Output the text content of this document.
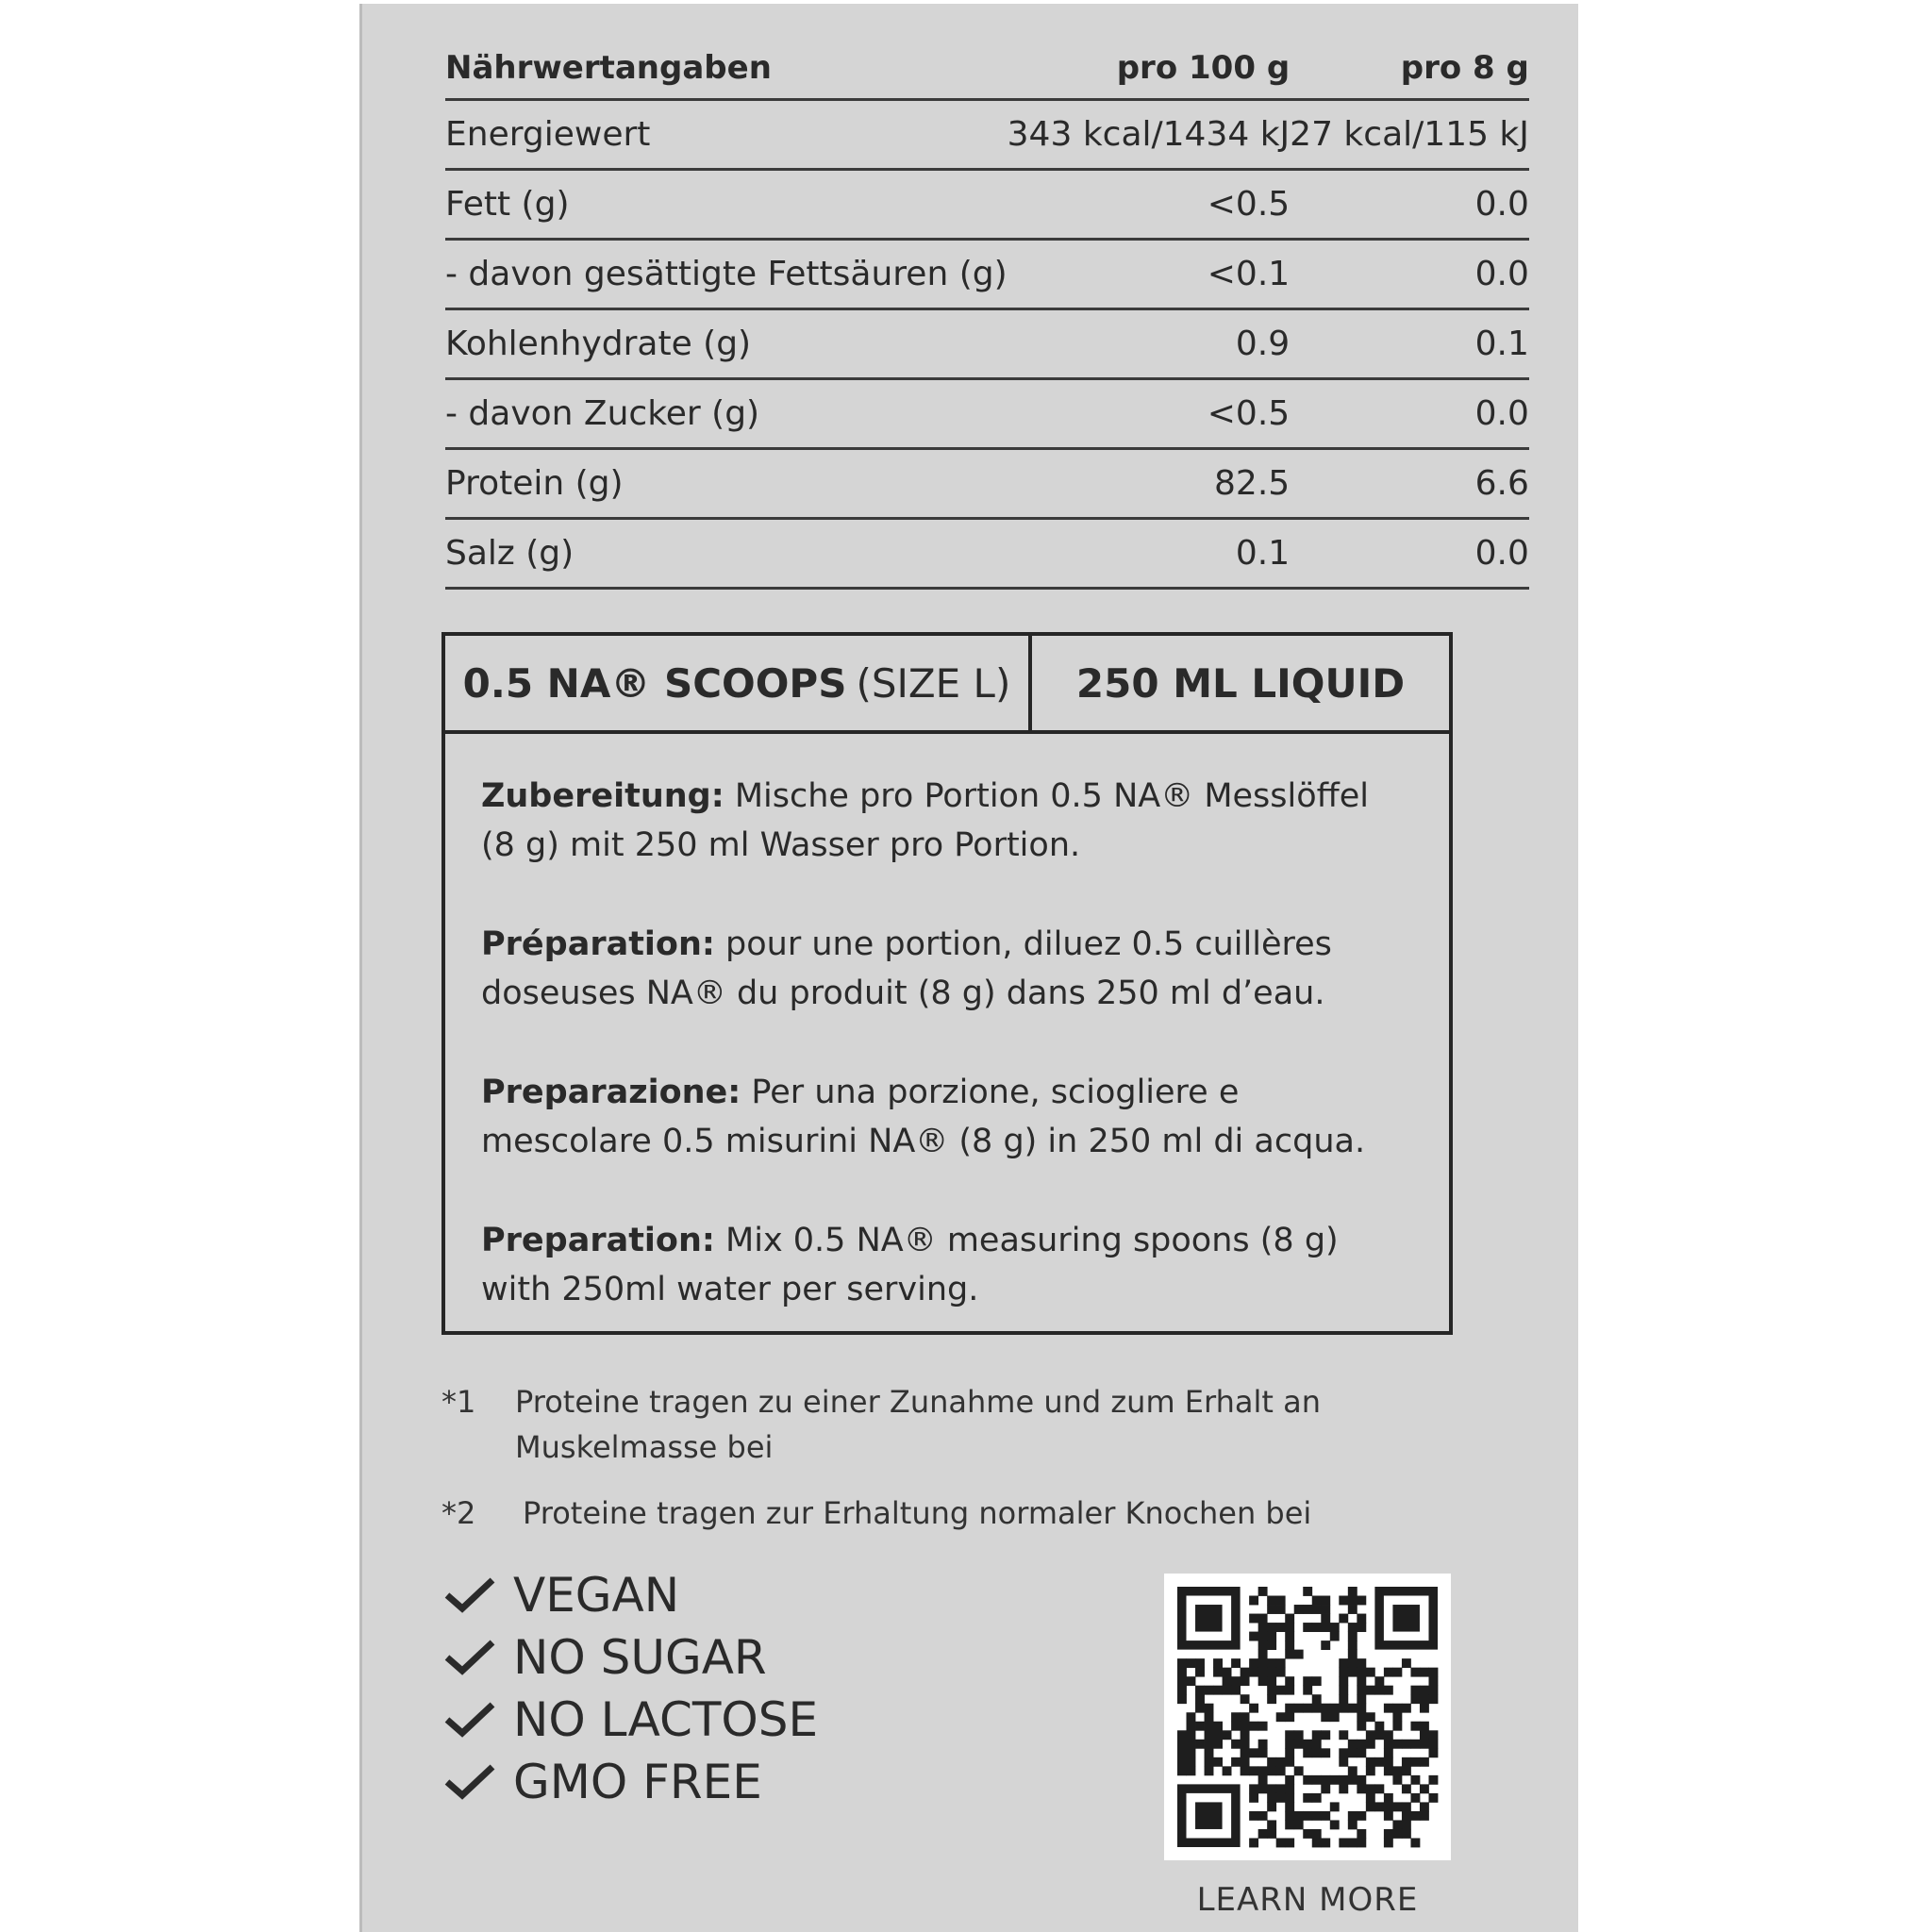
Nährwertangaben	pro 100 g	pro 8 g
Energiewert	343 kcal/1434 kJ	27 kcal/115 kJ
Fett (g)	<0.5	0.0
- davon gesättigte Fettsäuren (g)	<0.1	0.0
Kohlenhydrate (g)	0.9	0.1
- davon Zucker (g)	<0.5	0.0
Protein (g)	82.5	6.6
Salz (g)	0.1	0.0
0.5 NA® SCOOPS (SIZE L)	250 ML LIQUID

Zubereitung: Mische pro Portion 0.5 NA® Messlöffel (8 g) mit 250 ml Wasser pro Portion.

Préparation: pour une portion, diluez 0.5 cuillères doseuses NA® du produit (8 g) dans 250 ml d’eau.

Preparazione: Per una porzione, sciogliere e mescolare 0.5 misurini NA® (8 g) in 250 ml di acqua.

Preparation: Mix 0.5 NA® measuring spoons (8 g) with 250ml water per serving.

*1 Proteine tragen zu einer Zunahme und zum Erhalt an Muskelmasse bei
*2 Proteine tragen zur Erhaltung normaler Knochen bei
VEGAN
NO SUGAR
NO LACTOSE
GMO FREE
LEARN MORE
